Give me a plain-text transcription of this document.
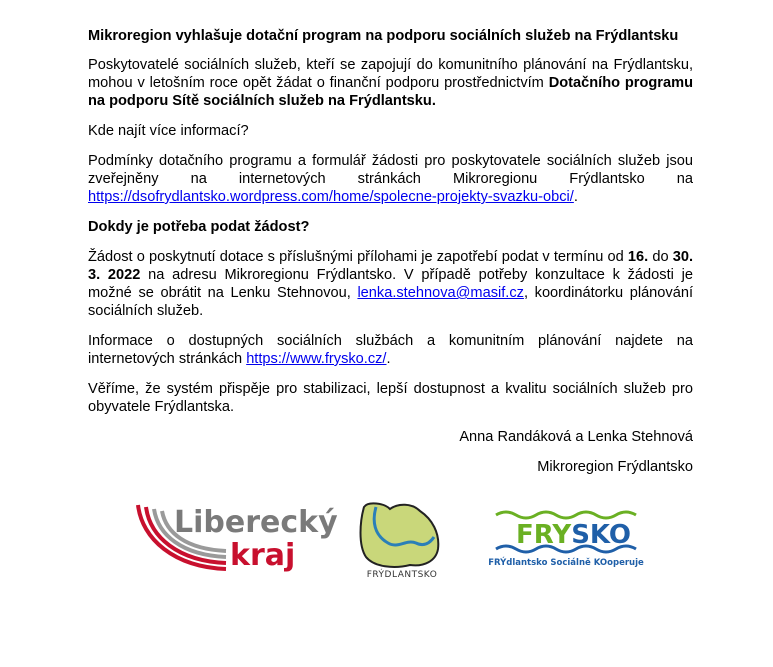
Mikroregion vyhlašuje dotační program na podporu sociálních služeb na Frýdlantsku

Poskytovatelé sociálních služeb, kteří se zapojují do komunitního plánování na Frýdlantsku, mohou v letošním roce opět žádat o finanční podporu prostřednictvím Dotačního programu na podporu Sítě sociálních služeb na Frýdlantsku.

Kde najít více informací?

Podmínky dotačního programu a formulář žádosti pro poskytovatele sociálních služeb jsou zveřejněny na internetových stránkách Mikroregionu Frýdlantsko na https://dsofrydlantsko.wordpress.com/home/spolecne-projekty-svazku-obci/.

Dokdy je potřeba podat žádost?

Žádost o poskytnutí dotace s příslušnými přílohami je zapotřebí podat v termínu od 16. do 30. 3. 2022 na adresu Mikroregionu Frýdlantsko. V případě potřeby konzultace k žádosti je možné se obrátit na Lenku Stehnovou, lenka.stehnova@masif.cz, koordinátorku plánování sociálních služeb.

Informace o dostupných sociálních službách a komunitním plánování najdete na internetových stránkách https://www.frysko.cz/.

Věříme, že systém přispěje pro stabilizaci, lepší dostupnost a kvalitu sociálních služeb pro obyvatele Frýdlantska.

Anna Randáková a Lenka Stehnová

Mikroregion Frýdlantsko

Liberecký
kraj
FRÝDLANTSKO
FRYSKO
FRÝdlantsko Sociálně KOoperuje
